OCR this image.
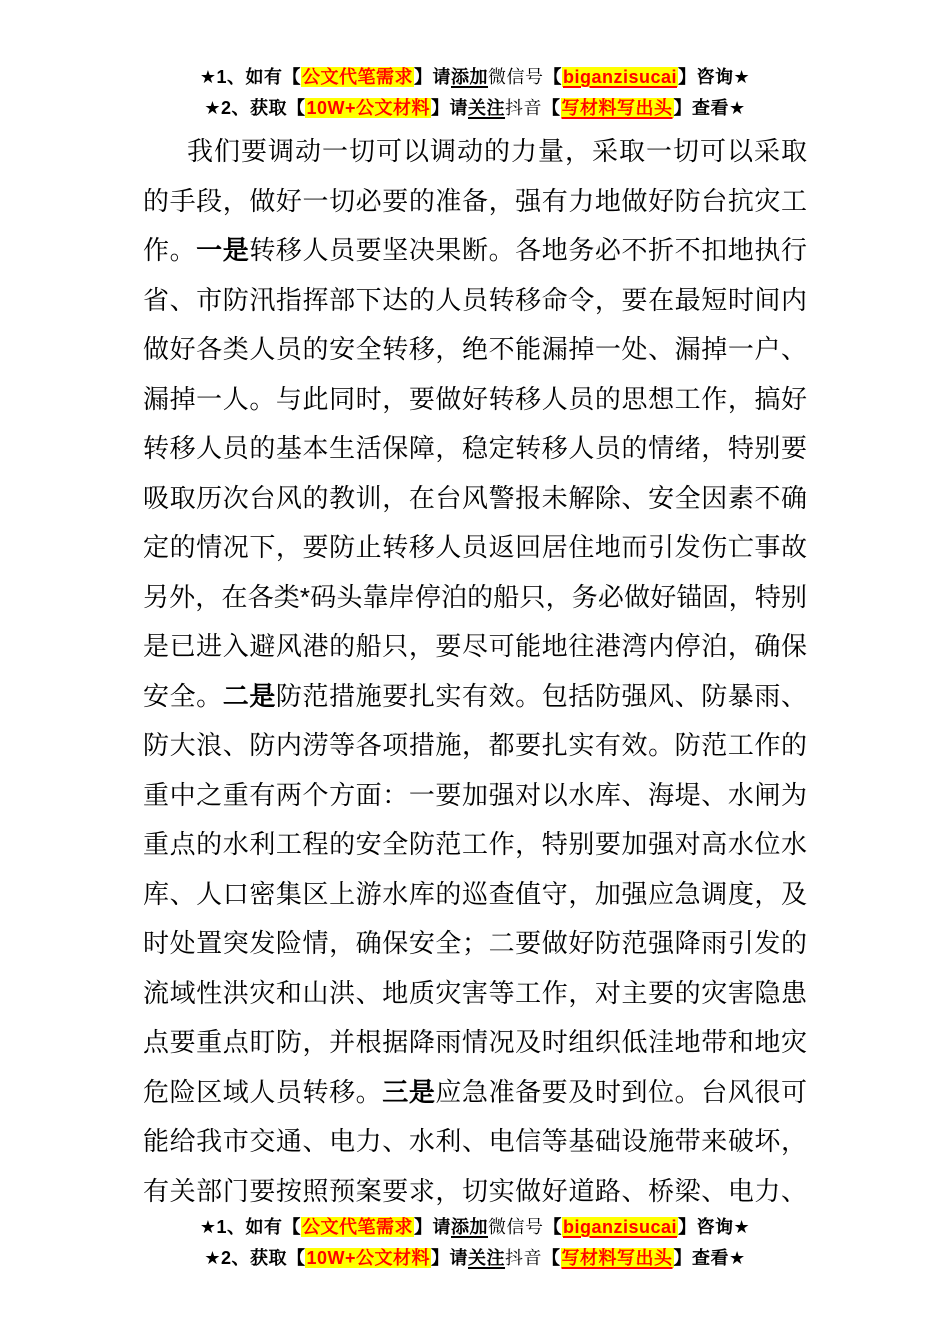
★1、如有【公文代笔需求】请添加微信号【biganzisucai】咨询★
★2、获取【10W+公文材料】请关注抖音【写材料写出头】查看★
我们要调动一切可以调动的力量，采取一切可以采取
的手段，做好一切必要的准备，强有力地做好防台抗灾工
作。一是转移人员要坚决果断。各地务必不折不扣地执行
省、市防汛指挥部下达的人员转移命令，要在最短时间内
做好各类人员的安全转移，绝不能漏掉一处、漏掉一户、
漏掉一人。与此同时，要做好转移人员的思想工作，搞好
转移人员的基本生活保障，稳定转移人员的情绪，特别要
吸取历次台风的教训，在台风警报未解除、安全因素不确
定的情况下，要防止转移人员返回居住地而引发伤亡事故
另外，在各类*码头靠岸停泊的船只，务必做好锚固，特别
是已进入避风港的船只，要尽可能地往港湾内停泊，确保
安全。二是防范措施要扎实有效。包括防强风、防暴雨、
防大浪、防内涝等各项措施，都要扎实有效。防范工作的
重中之重有两个方面：一要加强对以水库、海堤、水闸为
重点的水利工程的安全防范工作，特别要加强对高水位水
库、人口密集区上游水库的巡查值守，加强应急调度，及
时处置突发险情，确保安全；二要做好防范强降雨引发的
流域性洪灾和山洪、地质灾害等工作，对主要的灾害隐患
点要重点盯防，并根据降雨情况及时组织低洼地带和地灾
危险区域人员转移。三是应急准备要及时到位。台风很可
能给我市交通、电力、水利、电信等基础设施带来破坏，
有关部门要按照预案要求，切实做好道路、桥梁、电力、
★1、如有【公文代笔需求】请添加微信号【biganzisucai】咨询★
★2、获取【10W+公文材料】请关注抖音【写材料写出头】查看★
